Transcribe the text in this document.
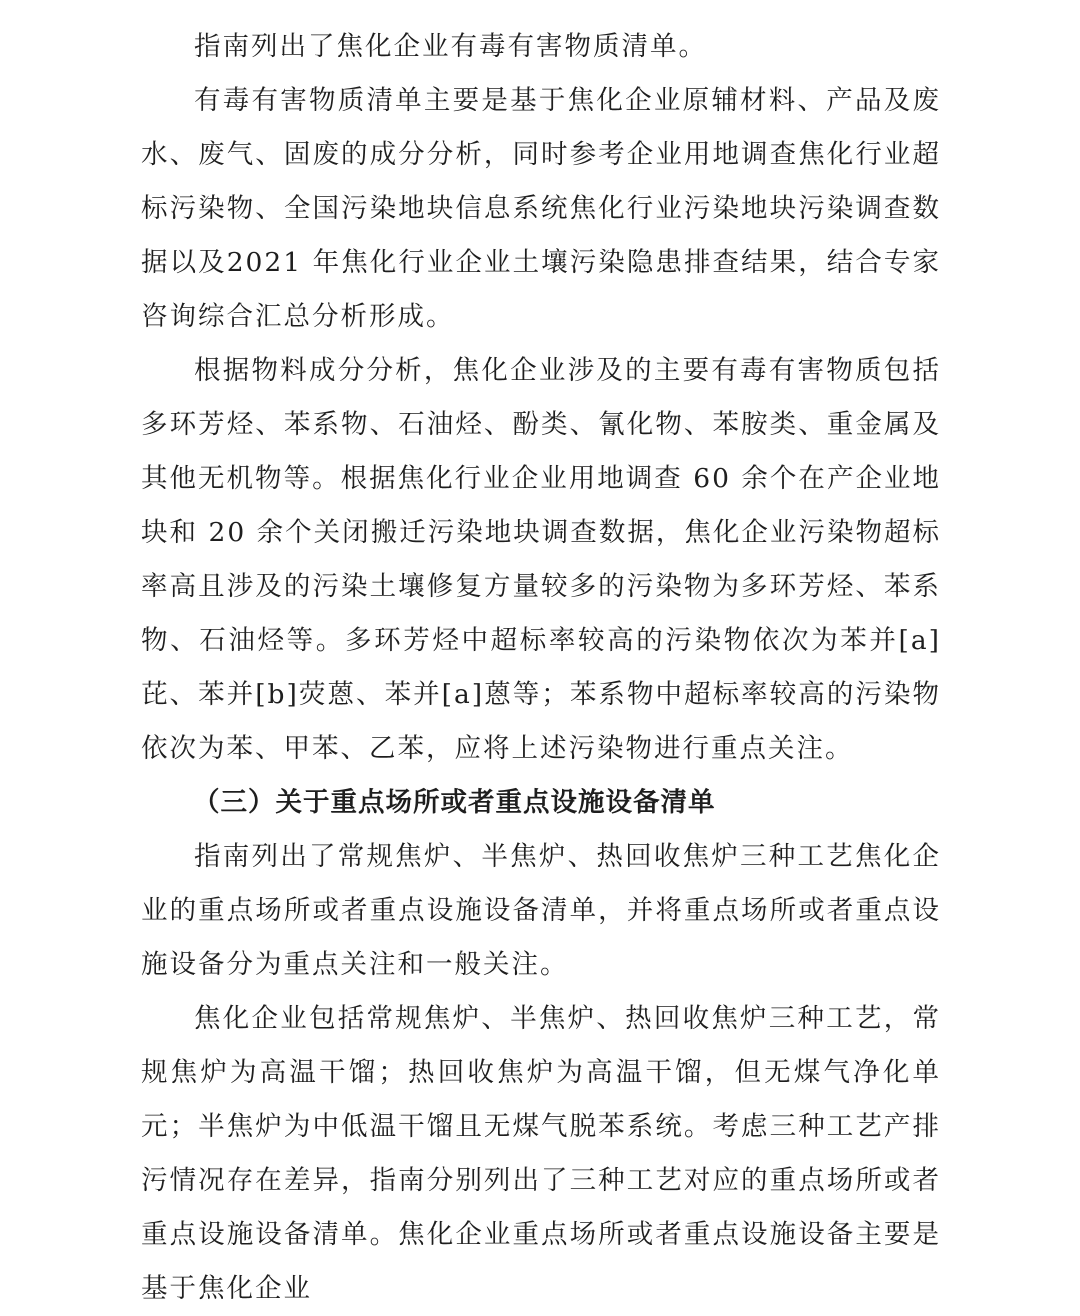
指南列出了焦化企业有毒有害物质清单。

有毒有害物质清单主要是基于焦化企业原辅材料、产品及废水、废气、固废的成分分析，同时参考企业用地调查焦化行业超标污染物、全国污染地块信息系统焦化行业污染地块污染调查数据以及2021 年焦化行业企业土壤污染隐患排查结果，结合专家咨询综合汇总分析形成。

根据物料成分分析，焦化企业涉及的主要有毒有害物质包括多环芳烃、苯系物、石油烃、酚类、氰化物、苯胺类、重金属及其他无机物等。根据焦化行业企业用地调查 60 余个在产企业地块和 20 余个关闭搬迁污染地块调查数据，焦化企业污染物超标率高且涉及的污染土壤修复方量较多的污染物为多环芳烃、苯系物、石油烃等。多环芳烃中超标率较高的污染物依次为苯并[a]芘、苯并[b]荧蒽、苯并[a]蒽等；苯系物中超标率较高的污染物依次为苯、甲苯、乙苯，应将上述污染物进行重点关注。

（三）关于重点场所或者重点设施设备清单

指南列出了常规焦炉、半焦炉、热回收焦炉三种工艺焦化企业的重点场所或者重点设施设备清单，并将重点场所或者重点设施设备分为重点关注和一般关注。

焦化企业包括常规焦炉、半焦炉、热回收焦炉三种工艺，常规焦炉为高温干馏；热回收焦炉为高温干馏，但无煤气净化单元；半焦炉为中低温干馏且无煤气脱苯系统。考虑三种工艺产排污情况存在差异，指南分别列出了三种工艺对应的重点场所或者重点设施设备清单。焦化企业重点场所或者重点设施设备主要是基于焦化企业
